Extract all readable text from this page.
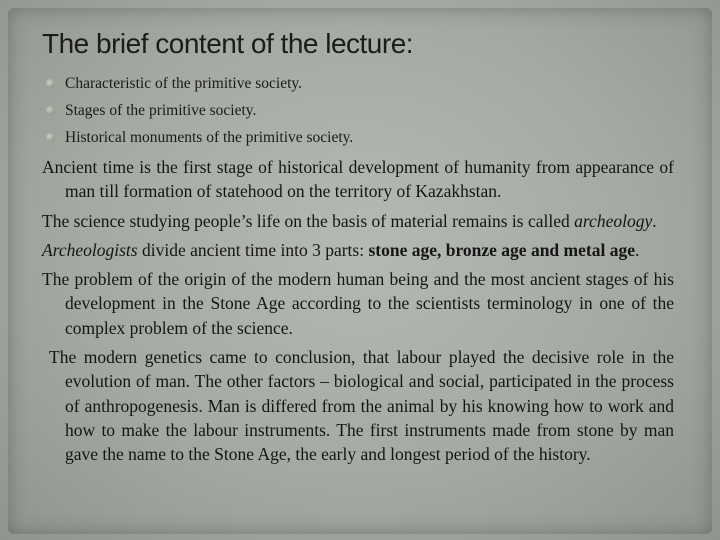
The brief content of the lecture:
Characteristic of the primitive society.
Stages of the primitive society.
Historical monuments of the primitive society.

Ancient time is the first stage of historical development of humanity from appearance of man till formation of statehood on the territory of Kazakhstan.

The science studying people’s life on the basis of material remains is called archeology.

Archeologists divide ancient time into 3 parts: stone age, bronze age and metal age.

The problem of the origin of the modern human being and the most ancient stages of his development in the Stone Age according to the scientists terminology in one of the complex problem of the science.

The modern genetics came to conclusion, that labour played the decisive role in the evolution of man. The other factors – biological and social, participated in the process of anthropogenesis. Man is differed from the animal by his knowing how to work and how to make the labour instruments. The first instruments made from stone by man gave the name to the Stone Age, the early and longest period of the history.
